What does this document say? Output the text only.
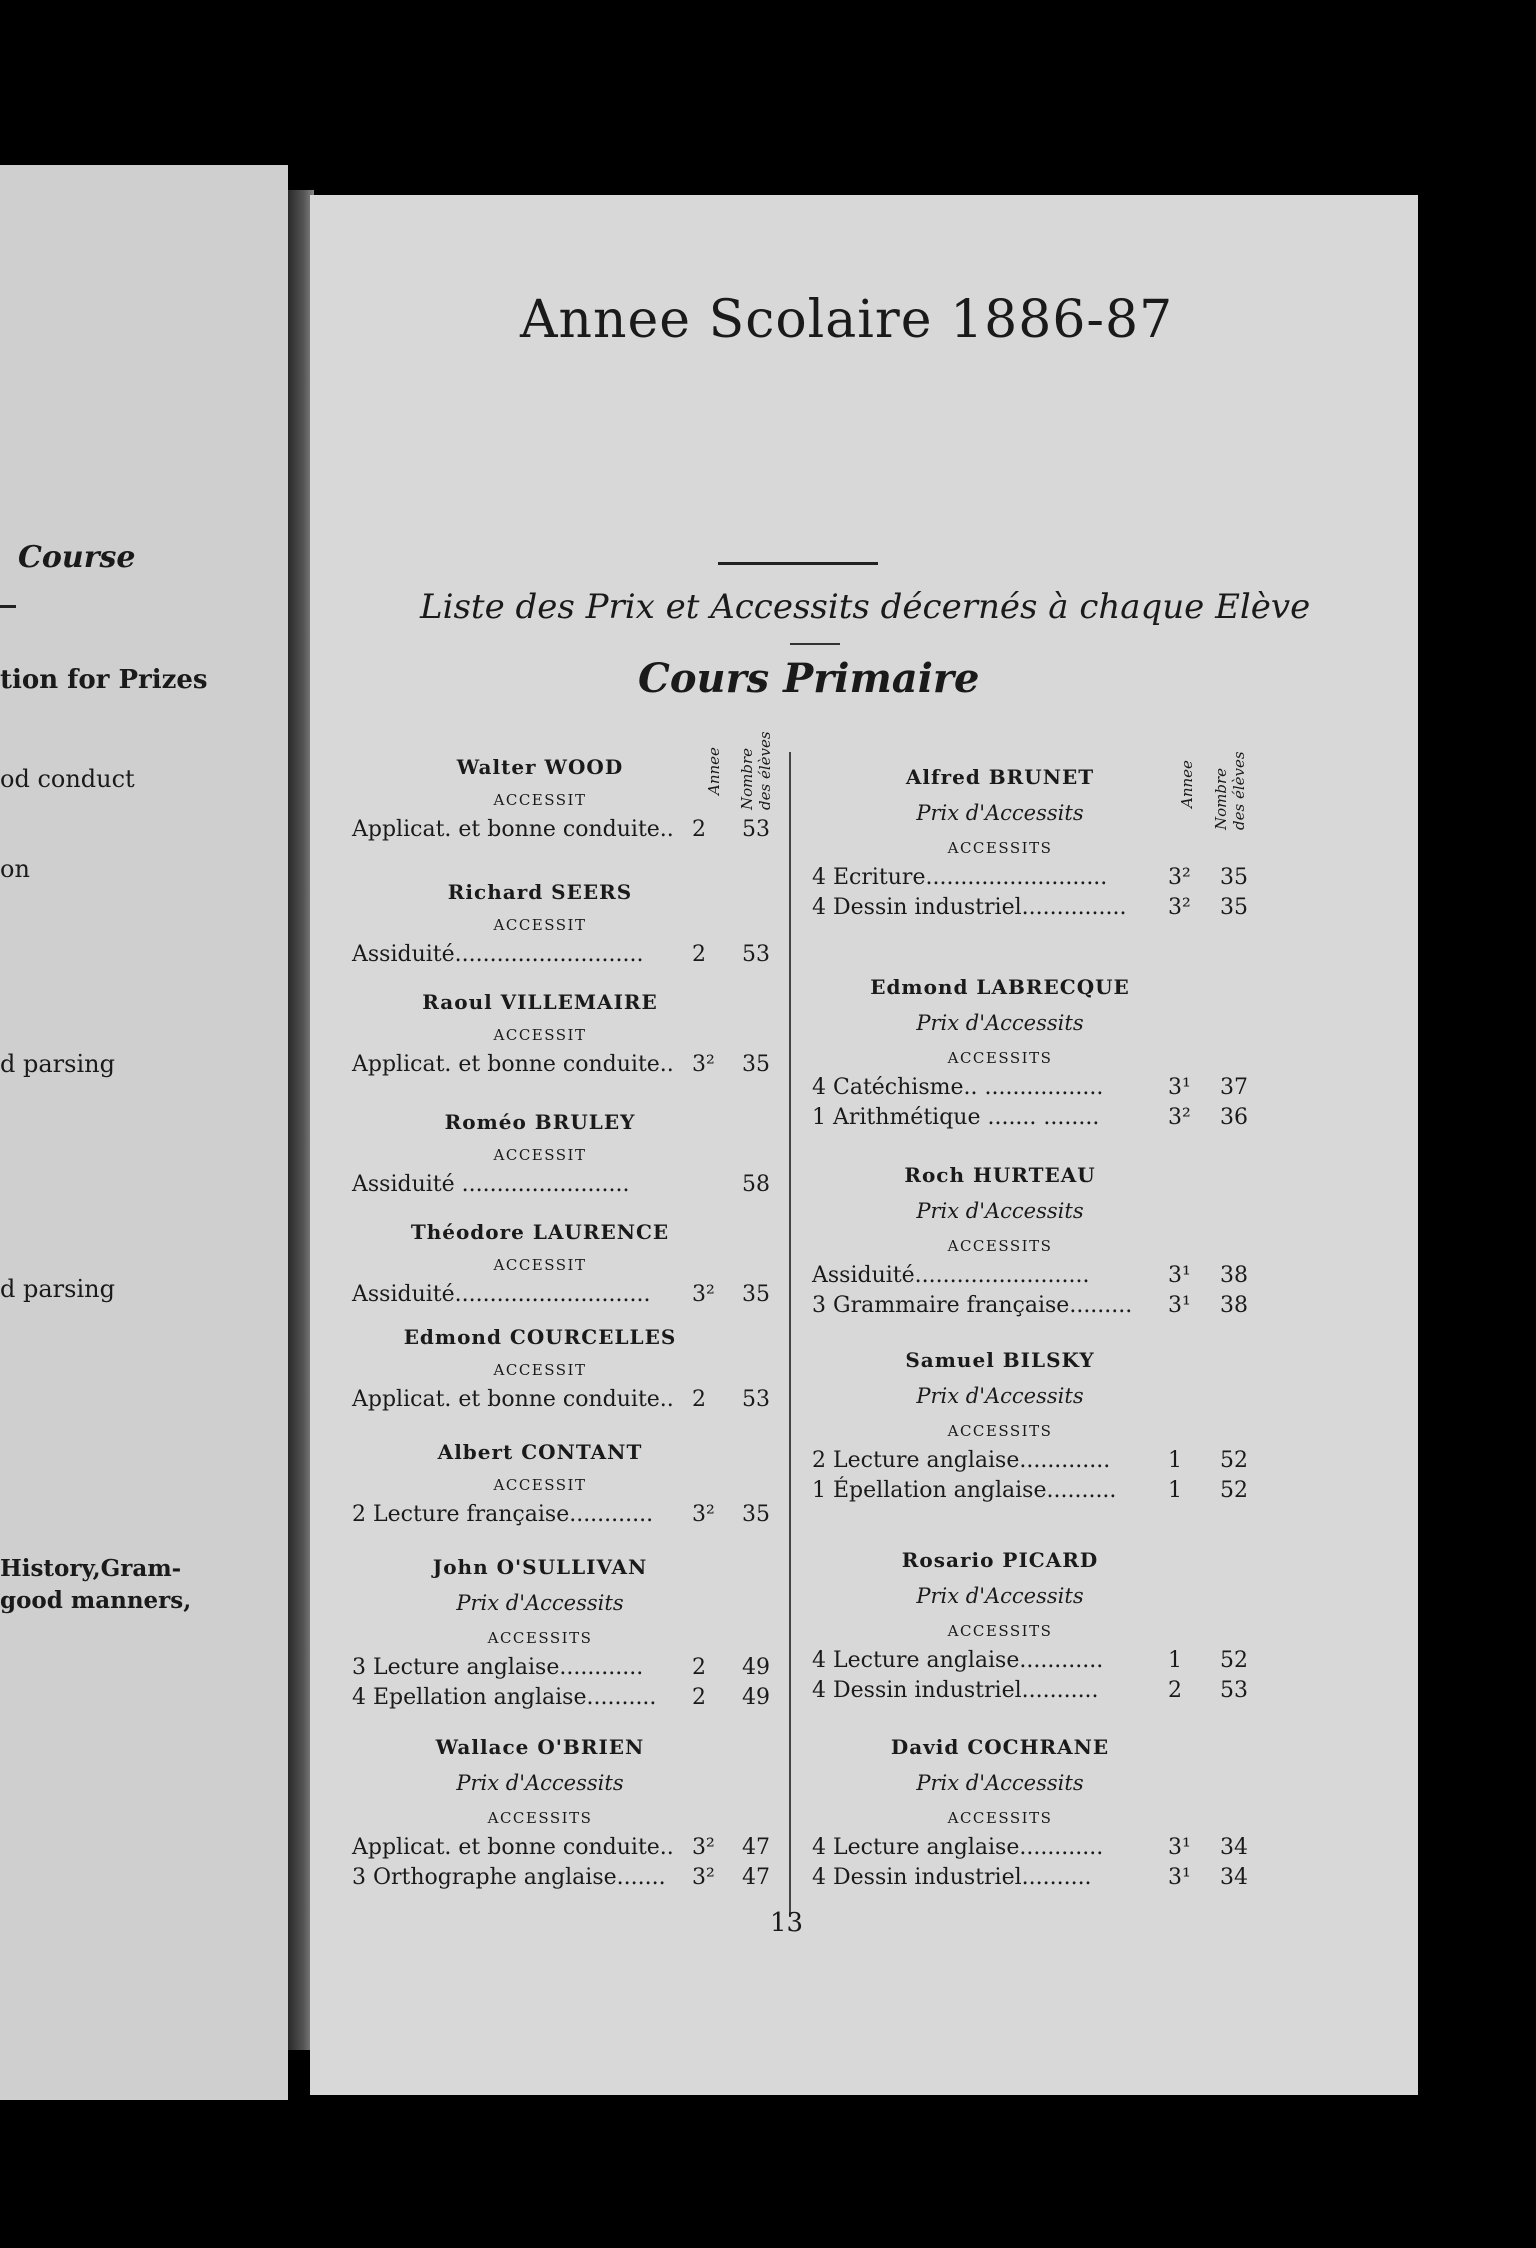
Course
tion for Prizes
od conduct
on
d parsing
d parsing
History,Gram-
good manners,
Annee Scolaire 1886-87
Liste des Prix et Accessits décernés à chaque Elève
Cours Primaire
Annee Nombre des élèves	Annee Nombre des élèves
Walter WOOD
ACCESSIT
Applicat. et bonne conduite.. 2 53
Richard SEERS
ACCESSIT
Assiduité........................... 2 53
Raoul VILLEMAIRE
ACCESSIT
Applicat. et bonne conduite.. 3² 35
Roméo BRULEY
ACCESSIT
Assiduité ........................	58
Théodore LAURENCE
ACCESSIT
Assiduité............................ 3² 35
Edmond COURCELLES
ACCESSIT
Applicat. et bonne conduite.. 2 53
Albert CONTANT
ACCESSIT
2 Lecture française............ 3² 35
John O'SULLIVAN
Prix d'Accessits
ACCESSITS
3 Lecture anglaise............ 2 49
4 Epellation anglaise.......... 2 49
Wallace O'BRIEN
Prix d'Accessits
ACCESSITS
Applicat. et bonne conduite.. 3² 47
3 Orthographe anglaise....... 3² 47
Alfred BRUNET
Prix d'Accessits
ACCESSITS
4 Ecriture..........................	3² 35
4 Dessin industriel............... 3² 35
Edmond LABRECQUE
Prix d'Accessits
ACCESSITS
4 Catéchisme.. .................	3¹ 37
1 Arithmétique ....... ........	3² 36
Roch HURTEAU
Prix d'Accessits
ACCESSITS
Assiduité.........................	3¹ 38
3 Grammaire française......... 3¹ 38
Samuel BILSKY
Prix d'Accessits
ACCESSITS
2 Lecture anglaise.............	1 52
1 Épellation anglaise.......... 1 52
Rosario PICARD
Prix d'Accessits
ACCESSITS
4 Lecture anglaise............	1 52
4 Dessin industriel...........	2 53
David COCHRANE
Prix d'Accessits
ACCESSITS
4 Lecture anglaise............	3¹ 34
4 Dessin industriel..........	3¹ 34
13
